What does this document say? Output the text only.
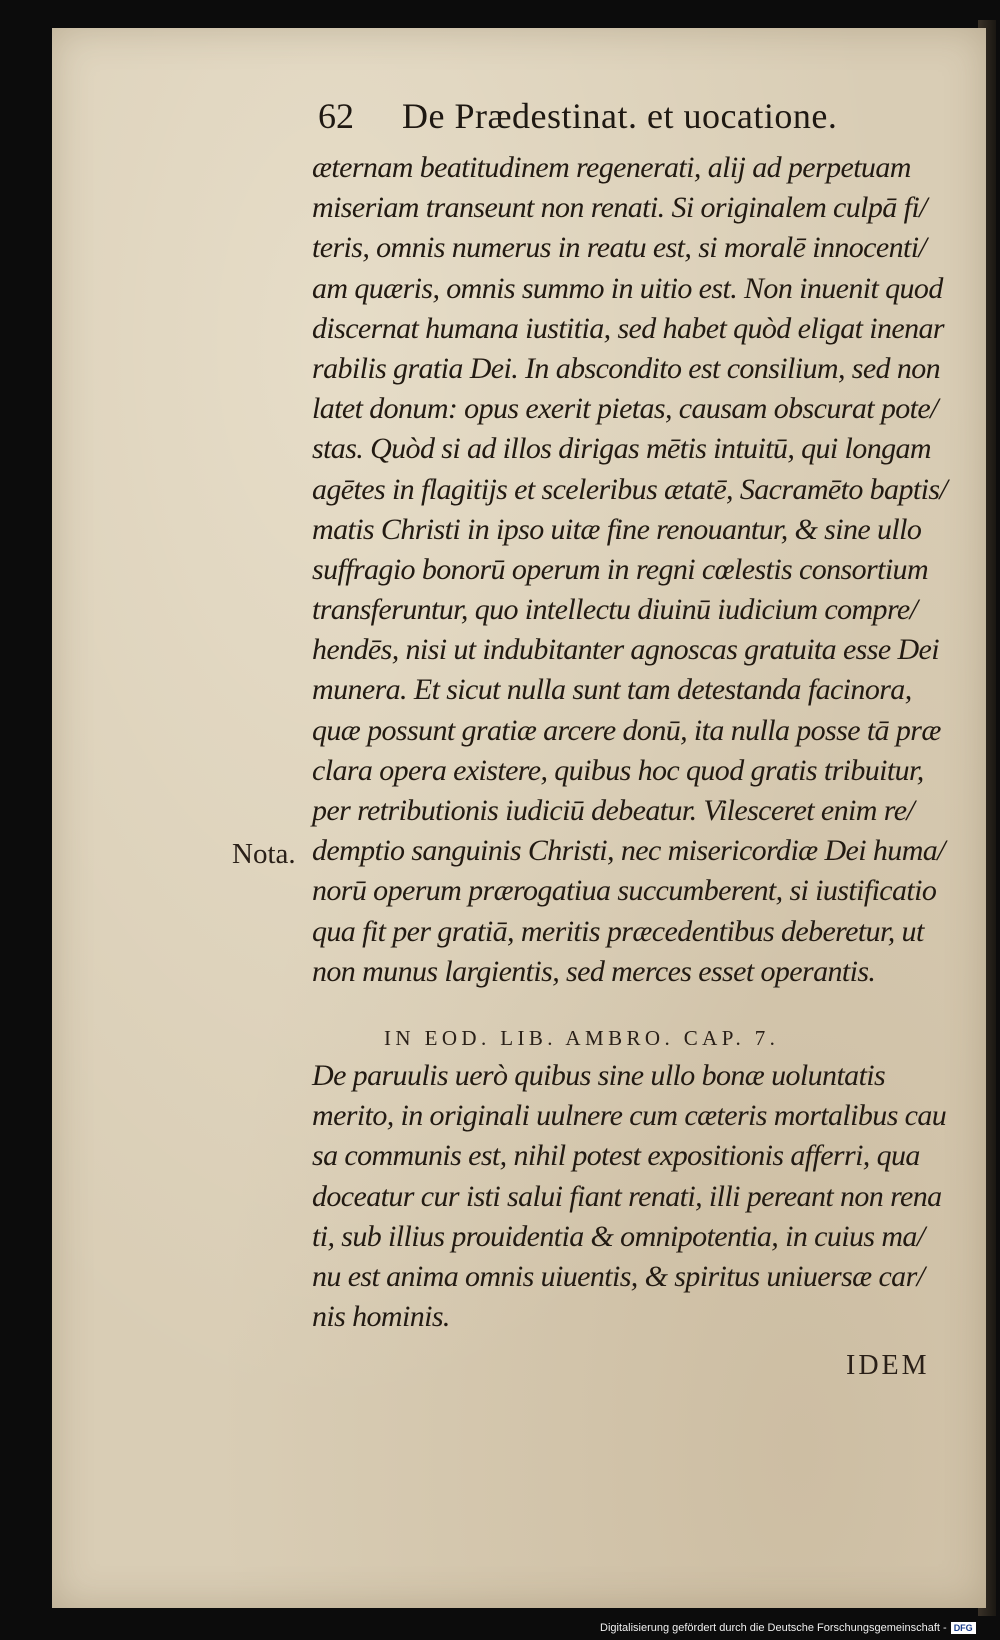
62 De Prædestinat. et uocatione.
æternam beatitudinem regenerati, alij ad perpetuam
miseriam transeunt non renati. Si originalem culpā fi/
teris, omnis numerus in reatu est, si moralē innocenti/
am quæris, omnis summo in uitio est. Non inuenit quod
discernat humana iustitia, sed habet quòd eligat inenar
rabilis gratia Dei. In abscondito est consilium, sed non
latet donum: opus exerit pietas, causam obscurat pote/
stas. Quòd si ad illos dirigas mētis intuitū, qui longam
agētes in flagitijs et sceleribus ætatē, Sacramēto baptis/
matis Christi in ipso uitæ fine renouantur, & sine ullo
suffragio bonorū operum in regni cœlestis consortium
transferuntur, quo intellectu diuinū iudicium compre/
hendēs, nisi ut indubitanter agnoscas gratuita esse Dei
munera. Et sicut nulla sunt tam detestanda facinora,
quæ possunt gratiæ arcere donū, ita nulla posse tā præ
clara opera existere, quibus hoc quod gratis tribuitur,
per retributionis iudiciū debeatur. Vilesceret enim re/
demptio sanguinis Christi, nec misericordiæ Dei huma/
norū operum prærogatiua succumberent, si iustificatio
qua fit per gratiā, meritis præcedentibus deberetur, ut
non munus largientis, sed merces esset operantis.
Nota.
IN EOD. LIB. AMBRO. CAP. 7.
De paruulis uerò quibus sine ullo bonæ uoluntatis
merito, in originali uulnere cum cæteris mortalibus cau
sa communis est, nihil potest expositionis afferri, qua
doceatur cur isti salui fiant renati, illi pereant non rena
ti, sub illius prouidentia & omnipotentia, in cuius ma/
nu est anima omnis uiuentis, & spiritus uniuersæ car/
nis hominis.
IDEM
Digitalisierung gefördert durch die Deutsche Forschungsgemeinschaft - DFG
